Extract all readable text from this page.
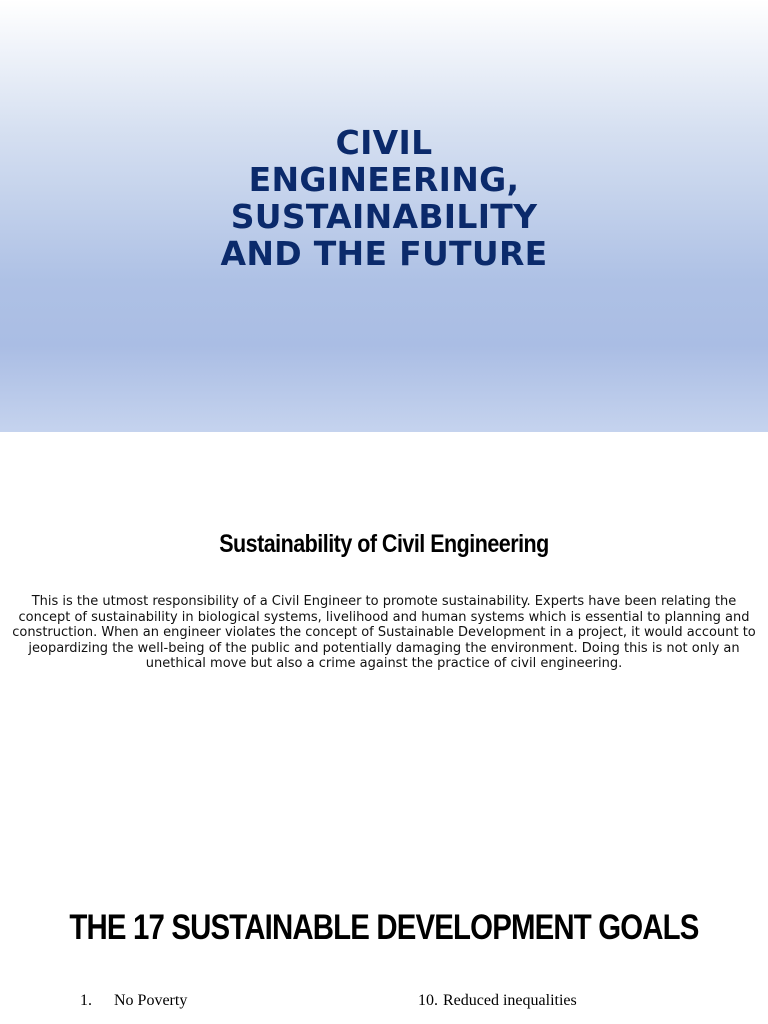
CIVIL
ENGINEERING,
SUSTAINABILITY
AND THE FUTURE
Sustainability of Civil Engineering
This is the utmost responsibility of a Civil Engineer to promote sustainability. Experts have been relating the concept of sustainability in biological systems, livelihood and human systems which is essential to planning and construction. When an engineer violates the concept of Sustainable Development in a project, it would account to jeopardizing the well-being of the public and potentially damaging the environment. Doing this is not only an unethical move but also a crime against the practice of civil engineering.
THE 17 SUSTAINABLE DEVELOPMENT GOALS
1.	No Poverty	10. Reduced inequalities
